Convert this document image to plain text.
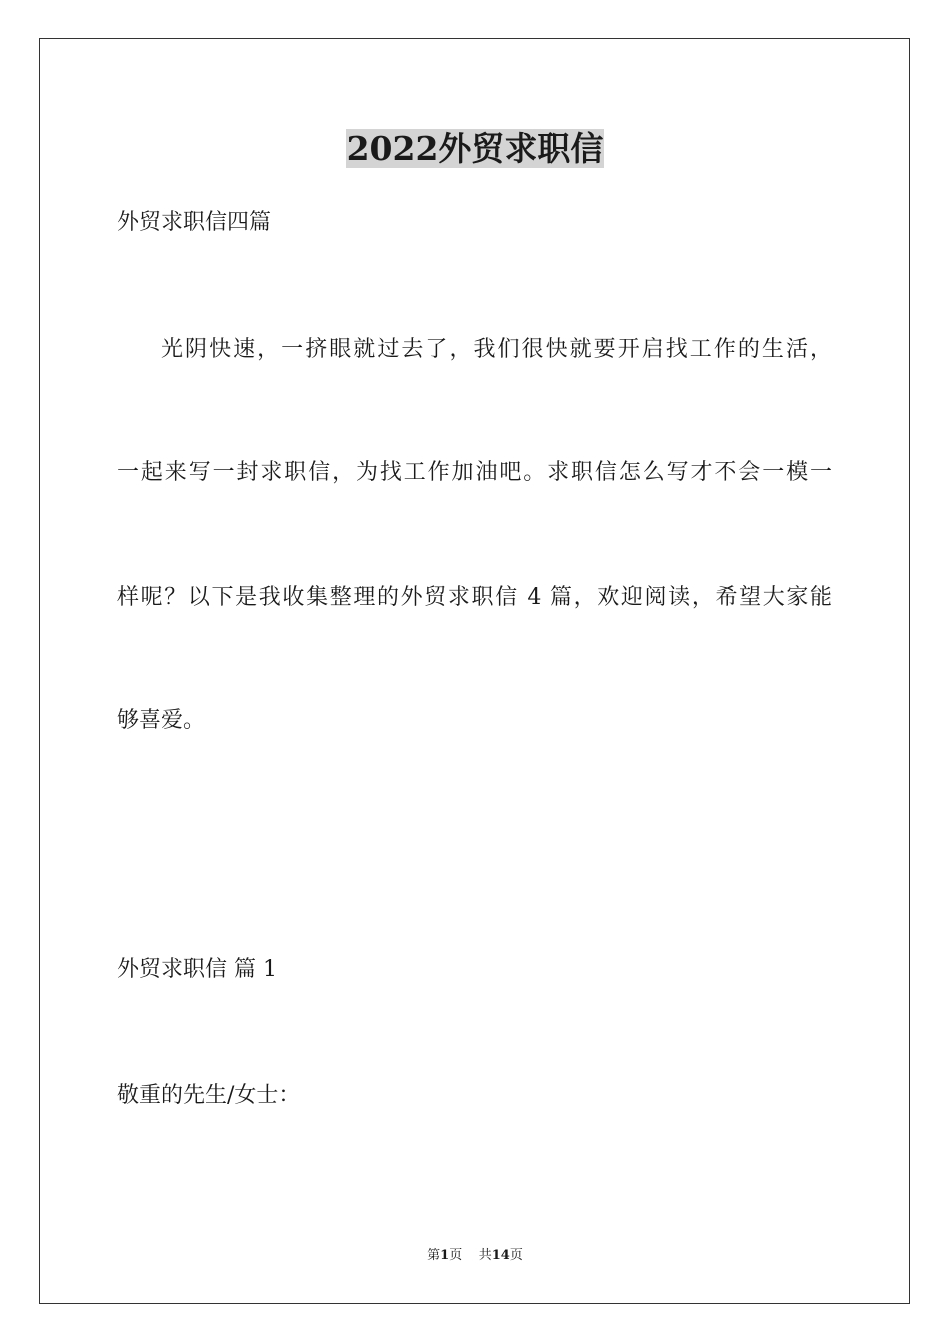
2022外贸求职信
外贸求职信四篇
光阴快速，一挤眼就过去了，我们很快就要开启找工作的生活，
一起来写一封求职信，为找工作加油吧。求职信怎么写才不会一模一
样呢？以下是我收集整理的外贸求职信 4 篇，欢迎阅读，希望大家能
够喜爱。
外贸求职信 篇 1
敬重的先生/女士：
第1页    共14页
